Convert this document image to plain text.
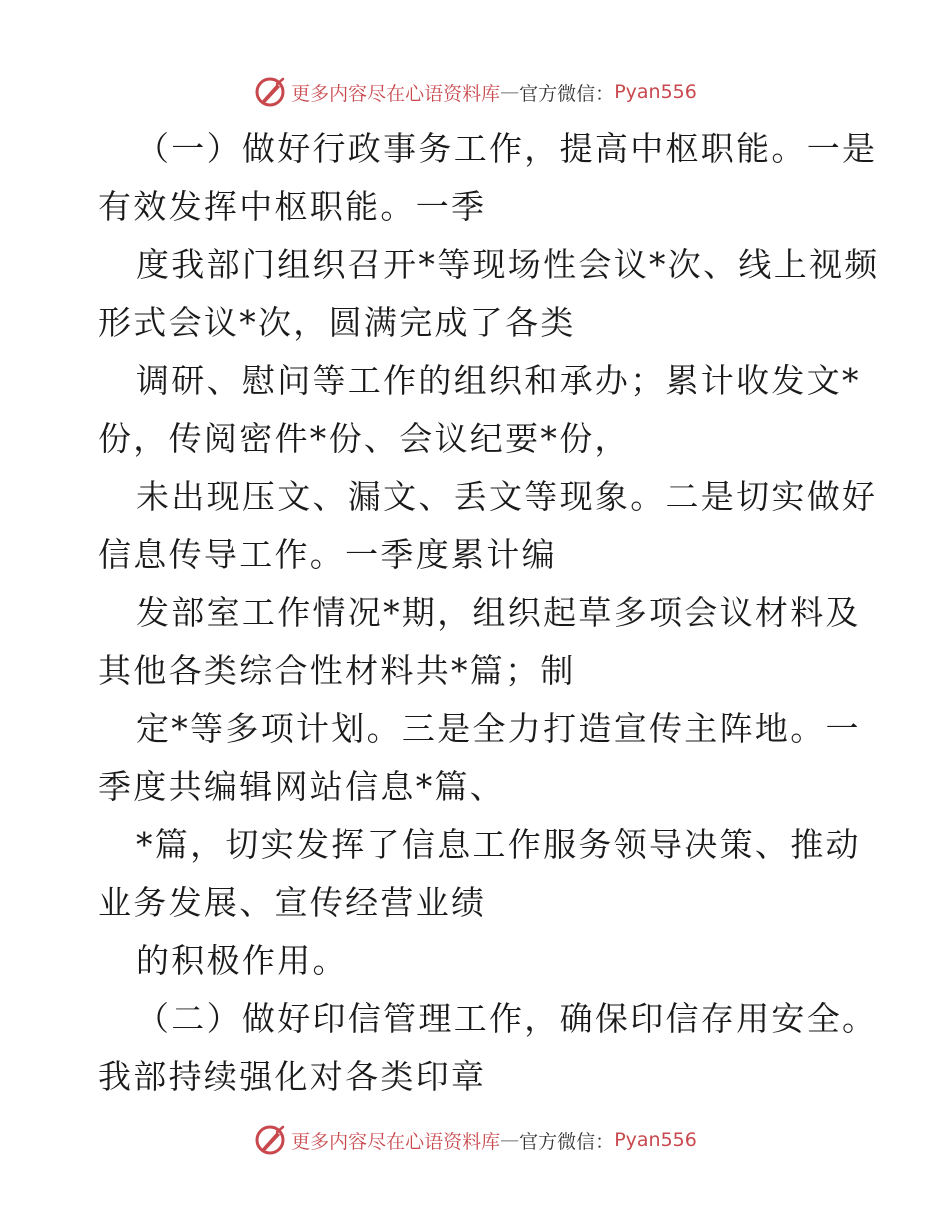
更多内容尽在心语资料库 — 官方微信： Pyan556
（一）做好行政事务工作，提高中枢职能。一是
有效发挥中枢职能。一季
度我部门组织召开*等现场性会议*次、线上视频
形式会议*次，圆满完成了各类
调研、慰问等工作的组织和承办；累计收发文*
份，传阅密件*份、会议纪要*份，
未出现压文、漏文、丢文等现象。二是切实做好
信息传导工作。一季度累计编
发部室工作情况*期，组织起草多项会议材料及
其他各类综合性材料共*篇；制
定*等多项计划。三是全力打造宣传主阵地。一
季度共编辑网站信息*篇、
*篇，切实发挥了信息工作服务领导决策、推动
业务发展、宣传经营业绩
的积极作用。
（二）做好印信管理工作，确保印信存用安全。
我部持续强化对各类印章
更多内容尽在心语资料库 — 官方微信： Pyan556
